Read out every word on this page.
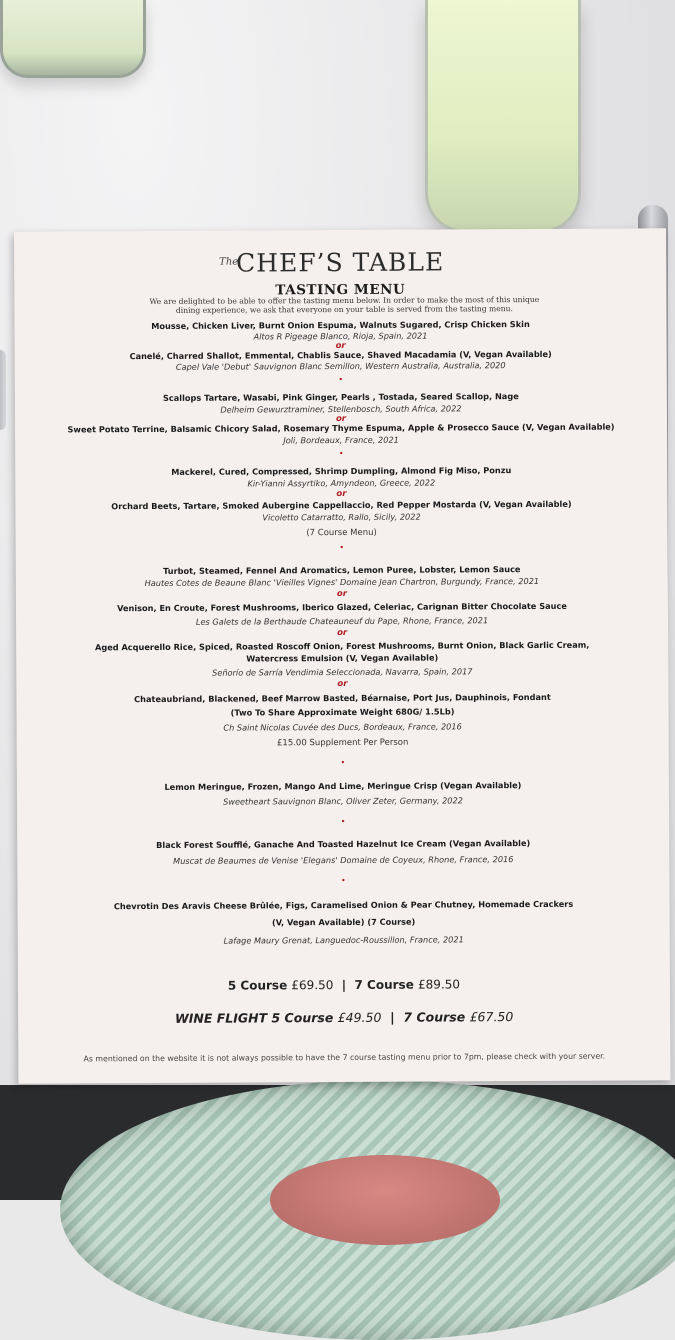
The
CHEF’S TABLE
TASTING MENU
We are delighted to be able to offer the tasting menu below. In order to make the most of this unique dining experience, we ask that everyone on your table is served from the tasting menu.
Mousse, Chicken Liver, Burnt Onion Espuma, Walnuts Sugared, Crisp Chicken Skin
Altos R Pigeage Blanco, Rioja, Spain, 2021
or
Canelé, Charred Shallot, Emmental, Chablis Sauce, Shaved Macadamia (V, Vegan Available)
Capel Vale 'Debut' Sauvignon Blanc Semillon, Western Australia, Australia, 2020
•
Scallops Tartare, Wasabi, Pink Ginger, Pearls , Tostada, Seared Scallop, Nage
Delheim Gewurztraminer, Stellenbosch, South Africa, 2022
or
Sweet Potato Terrine, Balsamic Chicory Salad, Rosemary Thyme Espuma, Apple & Prosecco Sauce (V, Vegan Available)
Joli, Bordeaux, France, 2021
•
Mackerel, Cured, Compressed, Shrimp Dumpling, Almond Fig Miso, Ponzu
Kir-Yianni Assyrtiko, Amyndeon, Greece, 2022
or
Orchard Beets, Tartare, Smoked Aubergine Cappellaccio, Red Pepper Mostarda (V, Vegan Available)
Vicoletto Catarratto, Rallo, Sicily, 2022
(7 Course Menu)
•
Turbot, Steamed, Fennel And Aromatics, Lemon Puree, Lobster, Lemon Sauce
Hautes Cotes de Beaune Blanc 'Vieilles Vignes' Domaine Jean Chartron, Burgundy, France, 2021
or
Venison, En Croute, Forest Mushrooms, Iberico Glazed, Celeriac, Carignan Bitter Chocolate Sauce
Les Galets de la Berthaude Chateauneuf du Pape, Rhone, France, 2021
or
Aged Acquerello Rice, Spiced, Roasted Roscoff Onion, Forest Mushrooms, Burnt Onion, Black Garlic Cream,
Watercress Emulsion (V, Vegan Available)
Señorío de Sarría Vendimia Seleccionada, Navarra, Spain, 2017
or
Chateaubriand, Blackened, Beef Marrow Basted, Béarnaise, Port Jus, Dauphinois, Fondant
(Two To Share Approximate Weight 680G/ 1.5Lb)
Ch Saint Nicolas Cuvée des Ducs, Bordeaux, France, 2016
£15.00 Supplement Per Person
•
Lemon Meringue, Frozen, Mango And Lime, Meringue Crisp (Vegan Available)
Sweetheart Sauvignon Blanc, Oliver Zeter, Germany, 2022
•
Black Forest Soufflé, Ganache And Toasted Hazelnut Ice Cream (Vegan Available)
Muscat de Beaumes de Venise 'Elegans' Domaine de Coyeux, Rhone, France, 2016
•
Chevrotin Des Aravis Cheese Brûlée, Figs, Caramelised Onion & Pear Chutney, Homemade Crackers
(V, Vegan Available) (7 Course)
Lafage Maury Grenat, Languedoc-Roussillon, France, 2021
5 Course £69.50 | 7 Course £89.50
WINE FLIGHT 5 Course £49.50 | 7 Course £67.50
As mentioned on the website it is not always possible to have the 7 course tasting menu prior to 7pm, please check with your server.
